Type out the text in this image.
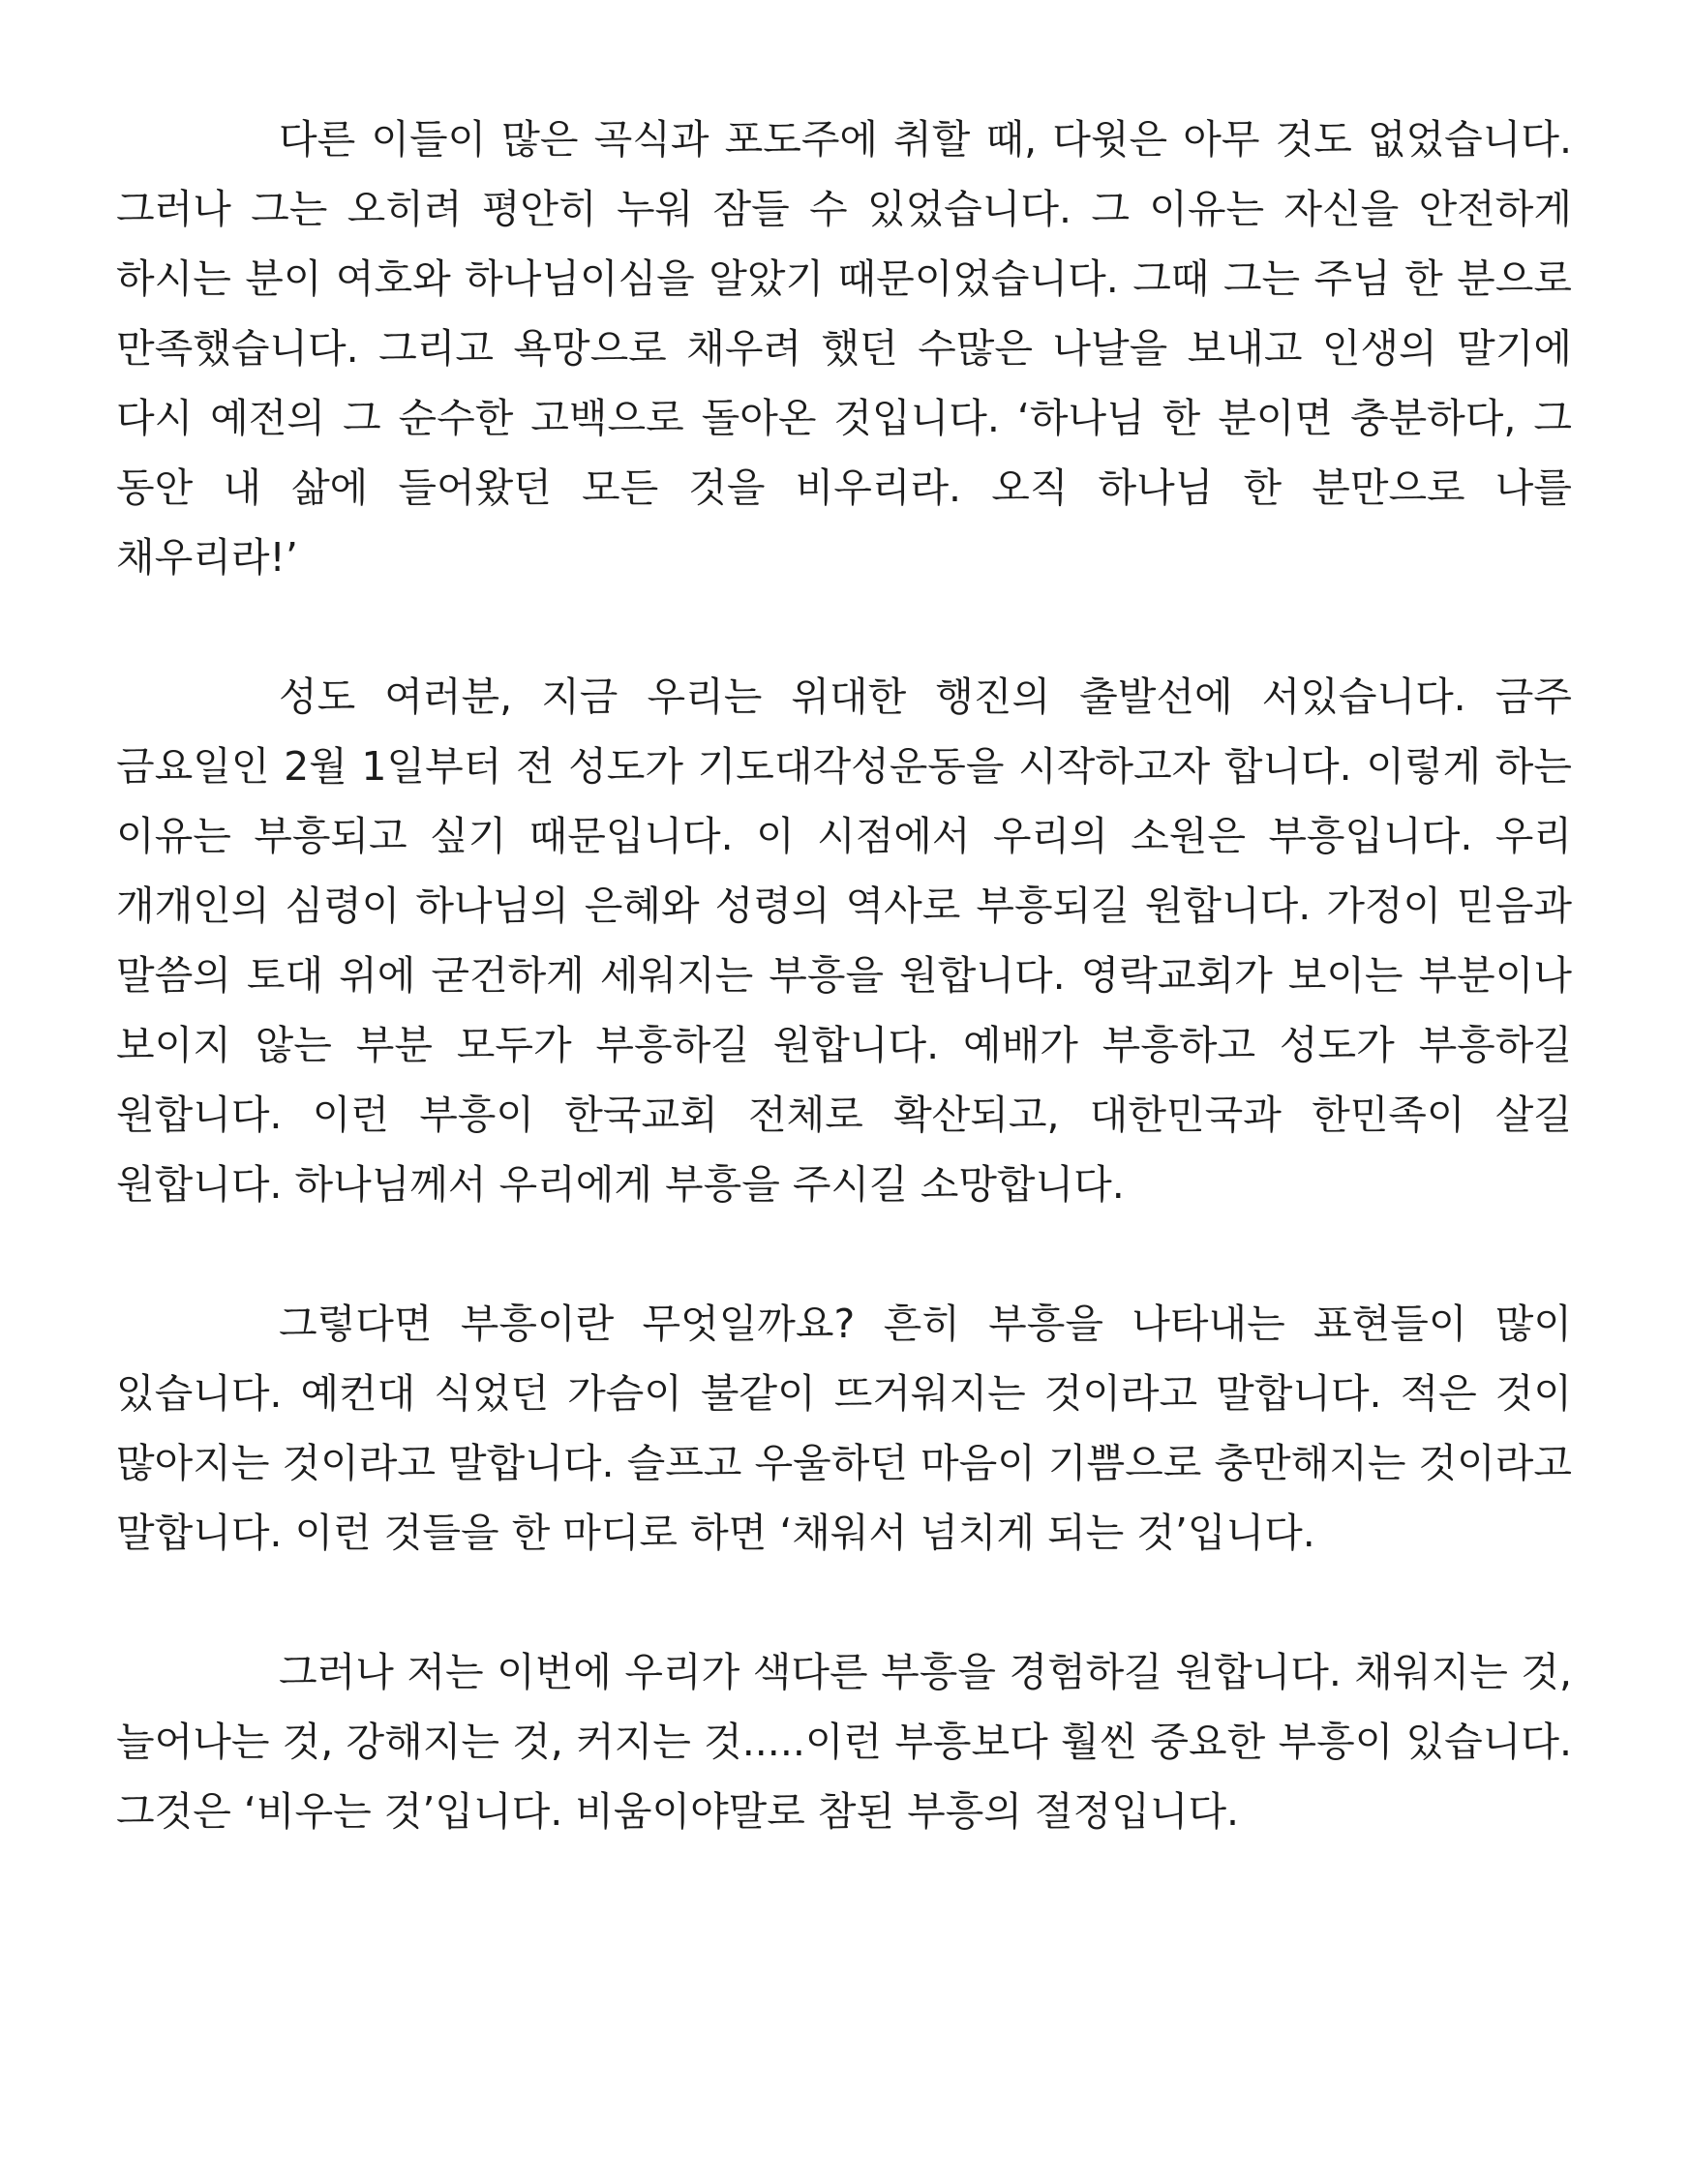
다른 이들이 많은 곡식과 포도주에 취할 때, 다윗은 아무 것도 없었습니다. 그러나 그는 오히려 평안히 누워 잠들 수 있었습니다. 그 이유는 자신을 안전하게 하시는 분이 여호와 하나님이심을 알았기 때문이었습니다. 그때 그는 주님 한 분으로 만족했습니다. 그리고 욕망으로 채우려 했던 수많은 나날을 보내고 인생의 말기에 다시 예전의 그 순수한 고백으로 돌아온 것입니다. ‘하나님 한 분이면 충분하다, 그 동안 내 삶에 들어왔던 모든 것을 비우리라. 오직 하나님 한 분만으로 나를 채우리라!’

성도 여러분, 지금 우리는 위대한 행진의 출발선에 서있습니다. 금주 금요일인 2월 1일부터 전 성도가 기도대각성운동을 시작하고자 합니다. 이렇게 하는 이유는 부흥되고 싶기 때문입니다. 이 시점에서 우리의 소원은 부흥입니다. 우리 개개인의 심령이 하나님의 은혜와 성령의 역사로 부흥되길 원합니다. 가정이 믿음과 말씀의 토대 위에 굳건하게 세워지는 부흥을 원합니다. 영락교회가 보이는 부분이나 보이지 않는 부분 모두가 부흥하길 원합니다. 예배가 부흥하고 성도가 부흥하길 원합니다. 이런 부흥이 한국교회 전체로 확산되고, 대한민국과 한민족이 살길 원합니다. 하나님께서 우리에게 부흥을 주시길 소망합니다.

그렇다면 부흥이란 무엇일까요? 흔히 부흥을 나타내는 표현들이 많이 있습니다. 예컨대 식었던 가슴이 불같이 뜨거워지는 것이라고 말합니다. 적은 것이 많아지는 것이라고 말합니다. 슬프고 우울하던 마음이 기쁨으로 충만해지는 것이라고 말합니다. 이런 것들을 한 마디로 하면 ‘채워서 넘치게 되는 것’입니다.

그러나 저는 이번에 우리가 색다른 부흥을 경험하길 원합니다. 채워지는 것, 늘어나는 것, 강해지는 것, 커지는 것.....이런 부흥보다 훨씬 중요한 부흥이 있습니다. 그것은 ‘비우는 것’입니다. 비움이야말로 참된 부흥의 절정입니다.
